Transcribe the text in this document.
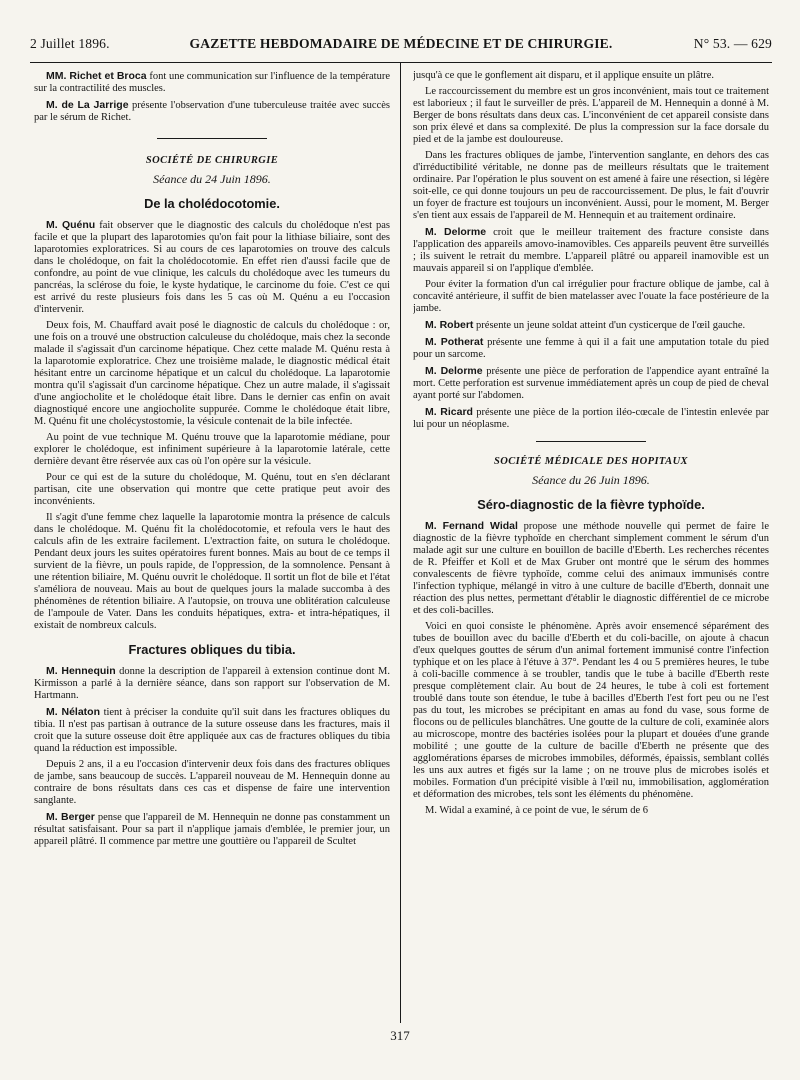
2 Juillet 1896.	GAZETTE HEBDOMADAIRE DE MÉDECINE ET DE CHIRURGIE.	N° 53. — 629

MM. Richet et Broca font une communication sur l'influence de la température sur la contractilité des muscles.

M. de La Jarrige présente l'observation d'une tuberculeuse traitée avec succès par le sérum de Richet.

SOCIÉTÉ DE CHIRURGIE
Séance du 24 Juin 1896.
De la cholédocotomie.

M. Quénu fait observer que le diagnostic des calculs du cholédoque n'est pas facile et que la plupart des laparotomies qu'on fait pour la lithiase biliaire, sont des laparotomies exploratrices. Si au cours de ces laparotomies on trouve des calculs dans le cholédoque, on fait la cholédocotomie. En effet rien d'aussi facile que de confondre, au point de vue clinique, les calculs du cholédoque avec les tumeurs du pancréas, la sclérose du foie, le kyste hydatique, le carcinome du foie. C'est ce qui est arrivé du reste plusieurs fois dans les 5 cas où M. Quénu a eu l'occasion d'intervenir.

Deux fois, M. Chauffard avait posé le diagnostic de calculs du cholédoque : or, une fois on a trouvé une obstruction calculeuse du cholédoque, mais chez la seconde malade il s'agissait d'un carcinome hépatique. Chez cette malade M. Quénu resta à la laparotomie exploratrice. Chez une troisième malade, le diagnostic médical était hésitant entre un carcinome hépatique et un calcul du cholédoque. La laparotomie montra qu'il s'agissait d'un carcinome hépatique. Chez un autre malade, il s'agissait d'une angiocholite et le cholédoque était libre. Dans le dernier cas enfin on avait diagnostiqué encore une angiocholite suppurée. Comme le cholédoque était libre, M. Quénu fit une cholécystostomie, la vésicule contenait de la bile infectée.

Au point de vue technique M. Quénu trouve que la laparotomie médiane, pour explorer le cholédoque, est infiniment supérieure à la laparotomie latérale, cette dernière devant être réservée aux cas où l'on opère sur la vésicule.

Pour ce qui est de la suture du cholédoque, M. Quénu, tout en s'en déclarant partisan, cite une observation qui montre que cette pratique peut avoir des inconvénients.

Il s'agit d'une femme chez laquelle la laparotomie montra la présence de calculs dans le cholédoque. M. Quénu fit la cholédocotomie, et refoula vers le haut des calculs afin de les extraire facilement. L'extraction faite, on sutura le cholédoque. Pendant deux jours les suites opératoires furent bonnes. Mais au bout de ce temps il survient de la fièvre, un pouls rapide, de l'oppression, de la somnolence. Pensant à une rétention biliaire, M. Quénu ouvrit le cholédoque. Il sortit un flot de bile et l'état s'améliora de nouveau. Mais au bout de quelques jours la malade succomba à des phénomènes de rétention biliaire. A l'autopsie, on trouva une oblitération calculeuse de l'ampoule de Vater. Dans les conduits hépatiques, extra- et intra-hépatiques, il existait de nombreux calculs.

Fractures obliques du tibia.

M. Hennequin donne la description de l'appareil à extension continue dont M. Kirmisson a parlé à la dernière séance, dans son rapport sur l'observation de M. Hartmann.

M. Nélaton tient à préciser la conduite qu'il suit dans les fractures obliques du tibia. Il n'est pas partisan à outrance de la suture osseuse dans les fractures, mais il croit que la suture osseuse doit être appliquée aux cas de fractures obliques du tibia quand la réduction est impossible.

Depuis 2 ans, il a eu l'occasion d'intervenir deux fois dans des fractures obliques de jambe, sans beaucoup de succès. L'appareil nouveau de M. Hennequin donne au contraire de bons résultats dans ces cas et dispense de faire une intervention sanglante.

M. Berger pense que l'appareil de M. Hennequin ne donne pas constamment un résultat satisfaisant. Pour sa part il n'applique jamais d'emblée, le premier jour, un appareil plâtré. Il commence par mettre une gouttière ou l'appareil de Scultet

jusqu'à ce que le gonflement ait disparu, et il applique ensuite un plâtre.

Le raccourcissement du membre est un gros inconvénient, mais tout ce traitement est laborieux ; il faut le surveiller de près. L'appareil de M. Hennequin a donné à M. Berger de bons résultats dans deux cas. L'inconvénient de cet appareil consiste dans son prix élevé et dans sa complexité. De plus la compression sur la face dorsale du pied et de la jambe est douloureuse.

Dans les fractures obliques de jambe, l'intervention sanglante, en dehors des cas d'irréductibilité véritable, ne donne pas de meilleurs résultats que le traitement ordinaire. Par l'opération le plus souvent on est amené à faire une résection, si légère soit-elle, ce qui donne toujours un peu de raccourcissement. De plus, le fait d'ouvrir un foyer de fracture est toujours un inconvénient. Aussi, pour le moment, M. Berger s'en tient aux essais de l'appareil de M. Hennequin et au traitement ordinaire.

M. Delorme croit que le meilleur traitement des fracture consiste dans l'application des appareils amovo-inamovibles. Ces appareils peuvent être surveillés ; ils suivent le retrait du membre. L'appareil plâtré ou appareil inamovible est un mauvais appareil si on l'applique d'emblée.

Pour éviter la formation d'un cal irrégulier pour fracture oblique de jambe, cal à concavité antérieure, il suffit de bien matelasser avec l'ouate la face postérieure de la jambe.

M. Robert présente un jeune soldat atteint d'un cysticerque de l'œil gauche.

M. Potherat présente une femme à qui il a fait une amputation totale du pied pour un sarcome.

M. Delorme présente une pièce de perforation de l'appendice ayant entraîné la mort. Cette perforation est survenue immédiatement après un coup de pied de cheval ayant porté sur l'abdomen.

M. Ricard présente une pièce de la portion iléo-cœcale de l'intestin enlevée par lui pour un néoplasme.

SOCIÉTÉ MÉDICALE DES HOPITAUX
Séance du 26 Juin 1896.
Séro-diagnostic de la fièvre typhoïde.

M. Fernand Widal propose une méthode nouvelle qui permet de faire le diagnostic de la fièvre typhoïde en cherchant simplement comment le sérum d'un malade agit sur une culture en bouillon de bacille d'Eberth. Les recherches récentes de R. Pfeiffer et Koll et de Max Gruber ont montré que le sérum des hommes convalescents de fièvre typhoïde, comme celui des animaux immunisés contre l'infection typhique, mélangé in vitro à une culture de bacille d'Eberth, donnait une réaction des plus nettes, permettant d'établir le diagnostic différentiel de ce microbe et des coli-bacilles.

Voici en quoi consiste le phénomène. Après avoir ensemencé séparément des tubes de bouillon avec du bacille d'Eberth et du coli-bacille, on ajoute à chacun d'eux quelques gouttes de sérum d'un animal fortement immunisé contre l'infection typhique et on les place à l'étuve à 37°. Pendant les 4 ou 5 premières heures, le tube à coli-bacille commence à se troubler, tandis que le tube à bacille d'Eberth reste presque complètement clair. Au bout de 24 heures, le tube à coli est fortement troublé dans toute son étendue, le tube à bacilles d'Eberth l'est fort peu ou ne l'est pas du tout, les microbes se précipitant en amas au fond du vase, sous forme de flocons ou de pellicules blanchâtres. Une goutte de la culture de coli, examinée alors au microscope, montre des bactéries isolées pour la plupart et douées d'une grande mobilité ; une goutte de la culture de bacille d'Eberth ne présente que des agglomérations éparses de microbes immobiles, déformés, épaissis, semblant collés les uns aux autres et figés sur la lame ; on ne trouve plus de microbes isolés et mobiles. Formation d'un précipité visible à l'œil nu, immobilisation, agglomération et déformation des microbes, tels sont les éléments du phénomène.

M. Widal a examiné, à ce point de vue, le sérum de 6

317
